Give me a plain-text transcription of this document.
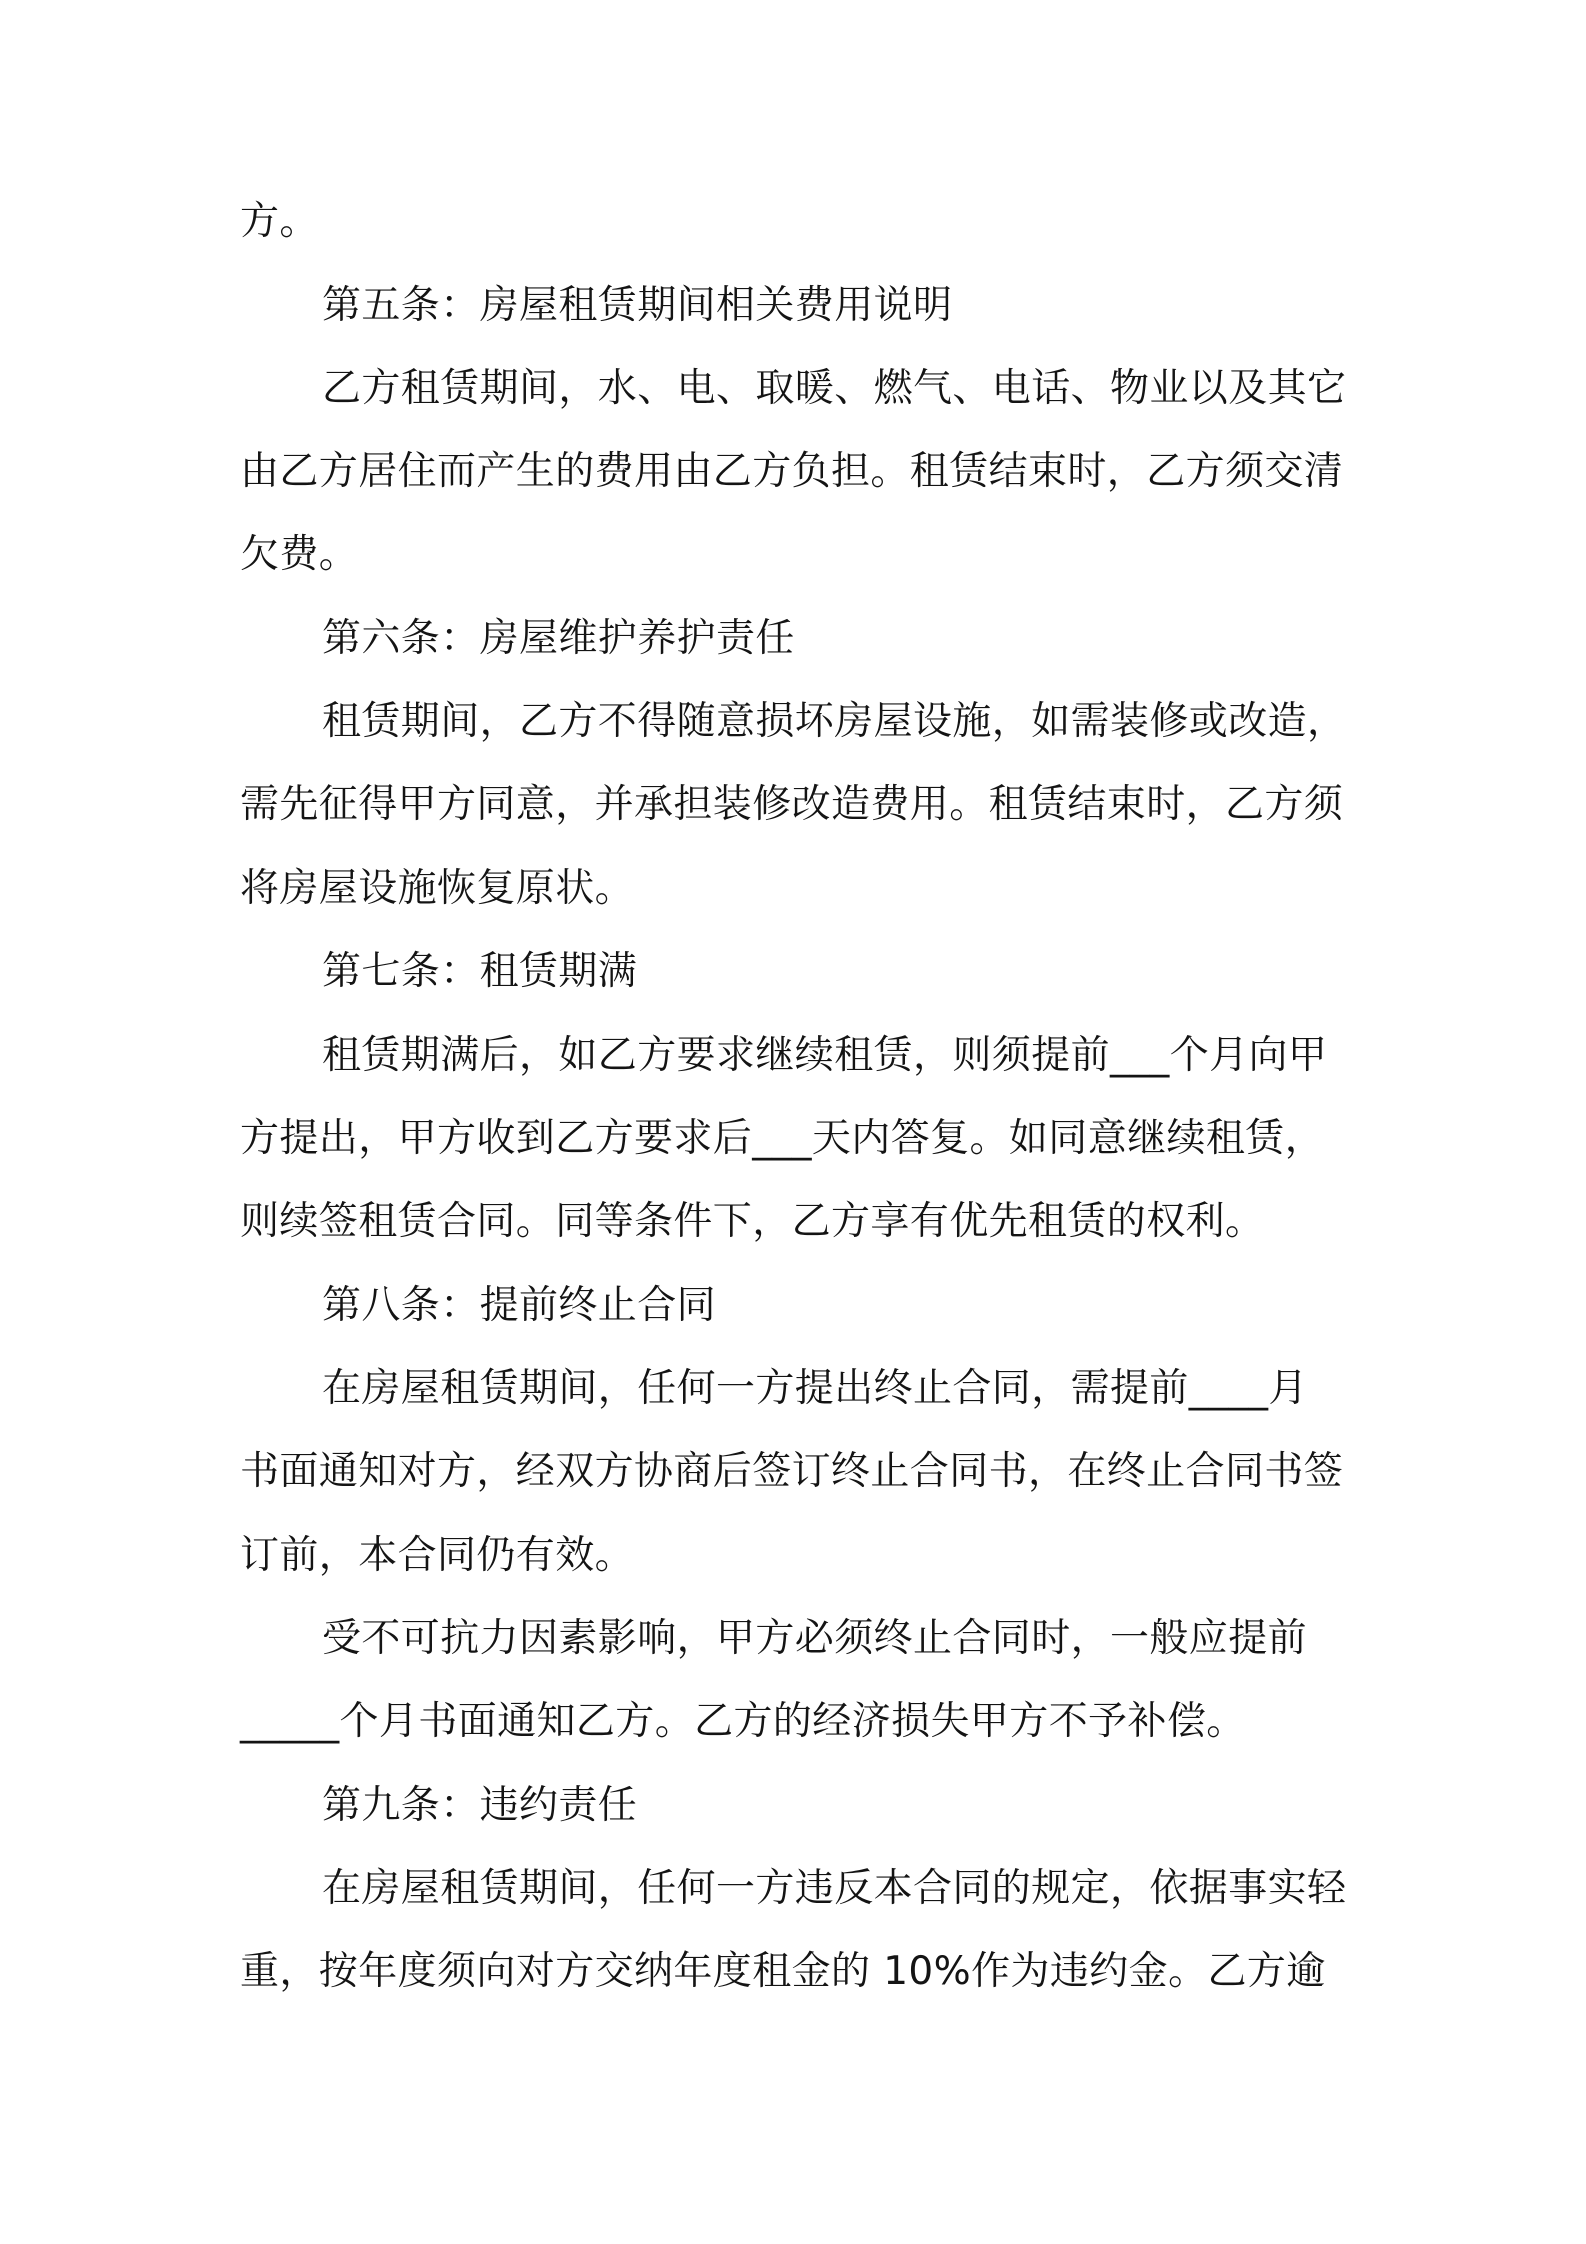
方。
第五条：房屋租赁期间相关费用说明
乙方租赁期间，水、电、取暖、燃气、电话、物业以及其它
由乙方居住而产生的费用由乙方负担。租赁结束时，乙方须交清
欠费。
第六条：房屋维护养护责任
租赁期间，乙方不得随意损坏房屋设施，如需装修或改造，
需先征得甲方同意，并承担装修改造费用。租赁结束时，乙方须
将房屋设施恢复原状。
第七条：租赁期满
租赁期满后，如乙方要求继续租赁，则须提前___个月向甲
方提出，甲方收到乙方要求后___天内答复。如同意继续租赁，
则续签租赁合同。同等条件下，乙方享有优先租赁的权利。
第八条：提前终止合同
在房屋租赁期间，任何一方提出终止合同，需提前____月
书面通知对方，经双方协商后签订终止合同书，在终止合同书签
订前，本合同仍有效。
受不可抗力因素影响，甲方必须终止合同时，一般应提前
_____个月书面通知乙方。乙方的经济损失甲方不予补偿。
第九条：违约责任
在房屋租赁期间，任何一方违反本合同的规定，依据事实轻
重，按年度须向对方交纳年度租金的 10%作为违约金。乙方逾
